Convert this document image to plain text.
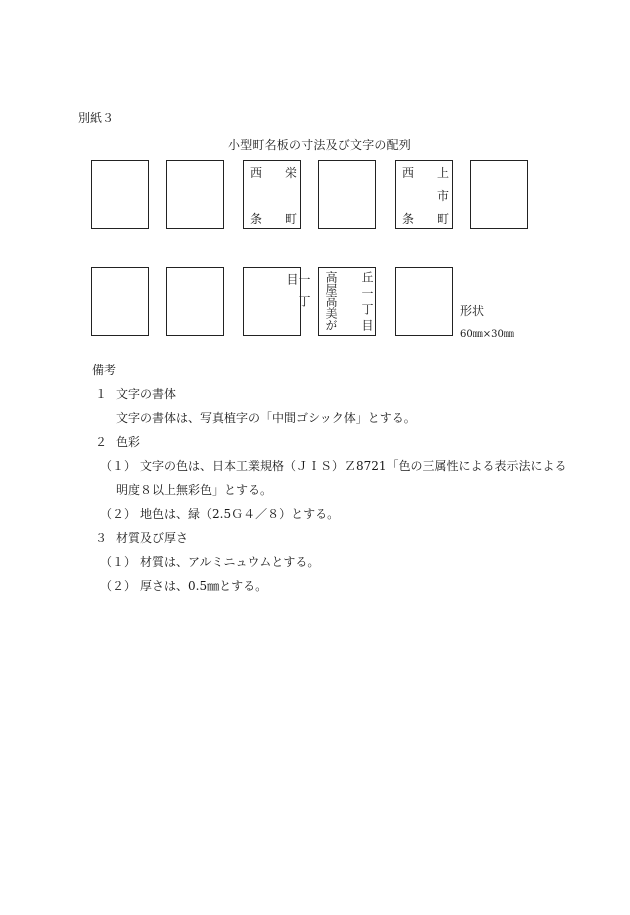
別紙３
小型町名板の寸法及び文字の配列
西
条
栄
町
西
条
上
市
町
一丁目	高屋高美が 丘一丁目	形状
60㎜×30㎜
備考
１ 文字の書体
文字の書体は、写真植字の「中間ゴシック体」とする。
２ 色彩
（１） 文字の色は、日本工業規格（ＪＩＳ）Ｚ8721「色の三属性による表示法による
明度８以上無彩色」とする。
（２） 地色は、緑（2.5Ｇ４／８）とする。
３ 材質及び厚さ
（１） 材質は、アルミニュウムとする。
（２） 厚さは、0.5㎜とする。
